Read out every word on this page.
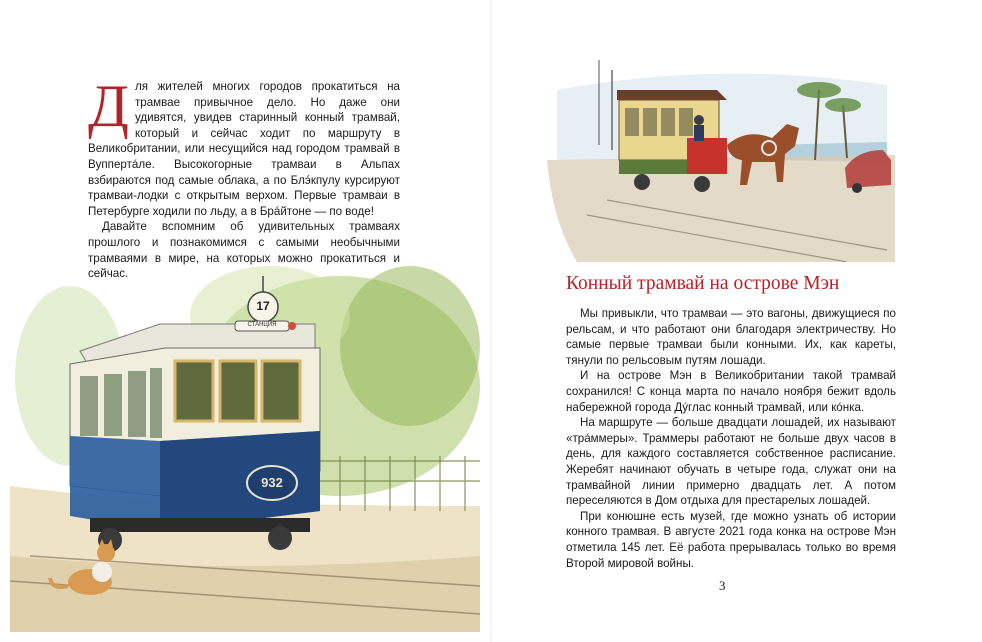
Для жителей многих городов прокатиться на трамвае привычное дело. Но даже они удивятся, увидев старинный конный трамвай, который и сейчас ходит по маршруту в Великобритании, или несущийся над городом трамвай в Вуппертáле. Высокогорные трамваи в Альпах взбираются под самые облака, а по Блэ́кпулу курсируют трамваи-лодки с открытым верхом. Первые трамваи в Петербурге ходили по льду, а в Брáйтоне — по воде!

Давайте вспомним об удивительных трамваях прошлого и познакомимся с самыми необычными трамваями в мире, на которых можно прокатиться и сейчас.

17
СТАНЦИЯ
932
Конный трамвай на острове Мэн

Мы привыкли, что трамваи — это вагоны, движущиеся по рельсам, и что работают они благодаря электричеству. Но самые первые трамваи были конными. Их, как кареты, тянули по рельсовым путям лошади.

И на острове Мэн в Великобритании такой трамвай сохранился! С конца марта по начало ноября бежит вдоль набережной города Дýглас конный трамвай, или кóнка.

На маршруте — больше двадцати лошадей, их называют «трáммеры». Траммеры работают не больше двух часов в день, для каждого составляется собственное расписание. Жеребят начинают обучать в четыре года, служат они на трамвайной линии примерно двадцать лет. А потом переселяются в Дом отдыха для престарелых лошадей.

При конюшне есть музей, где можно узнать об истории конного трамвая. В августе 2021 года конка на острове Мэн отметила 145 лет. Её работа прерывалась только во время Второй мировой войны.

3
